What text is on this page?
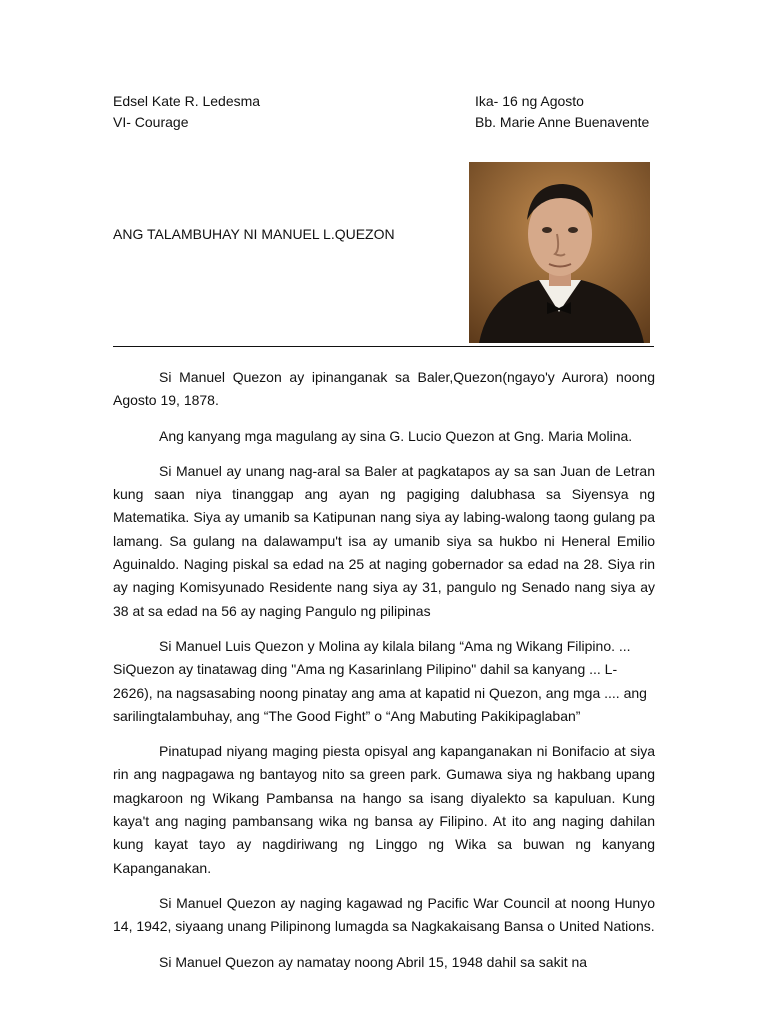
Edsel Kate R. Ledesma
VI- Courage
Ika- 16 ng Agosto
Bb. Marie Anne Buenavente
ANG TALAMBUHAY NI MANUEL L.QUEZON

Si Manuel Quezon ay ipinanganak sa Baler,Quezon(ngayo'y Aurora) noong Agosto 19, 1878.

Ang kanyang mga magulang ay sina G. Lucio Quezon at Gng. Maria Molina.

Si Manuel ay unang nag-aral sa Baler at pagkatapos ay sa san Juan de Letran kung saan niya tinanggap ang ayan ng pagiging dalubhasa sa Siyensya ng Matematika. Siya ay umanib sa Katipunan nang siya ay labing-walong taong gulang pa lamang. Sa gulang na dalawampu't isa ay umanib siya sa hukbo ni Heneral Emilio Aguinaldo. Naging piskal sa edad na 25 at naging gobernador sa edad na 28. Siya rin ay naging Komisyunado Residente nang siya ay 31, pangulo ng Senado nang siya ay 38 at sa edad na 56 ay naging Pangulo ng pilipinas

Si Manuel Luis Quezon y Molina ay kilala bilang “Ama ng Wikang Filipino. ... SiQuezon ay tinatawag ding "Ama ng Kasarinlang Pilipino" dahil sa kanyang ... L-2626), na nagsasabing noong pinatay ang ama at kapatid ni Quezon, ang mga .... ang sarilingtalambuhay, ang “The Good Fight” o “Ang Mabuting Pakikipaglaban”

Pinatupad niyang maging piesta opisyal ang kapanganakan ni Bonifacio at siya rin ang nagpagawa ng bantayog nito sa green park. Gumawa siya ng hakbang upang magkaroon ng Wikang Pambansa na hango sa isang diyalekto sa kapuluan. Kung kaya't ang naging pambansang wika ng bansa ay Filipino. At ito ang naging dahilan kung kayat tayo ay nagdiriwang ng Linggo ng Wika sa buwan ng kanyang Kapanganakan.

Si Manuel Quezon ay naging kagawad ng Pacific War Council at noong Hunyo 14, 1942, siyaang unang Pilipinong lumagda sa Nagkakaisang Bansa o United Nations.

Si Manuel Quezon ay namatay noong Abril 15, 1948 dahil sa sakit na
